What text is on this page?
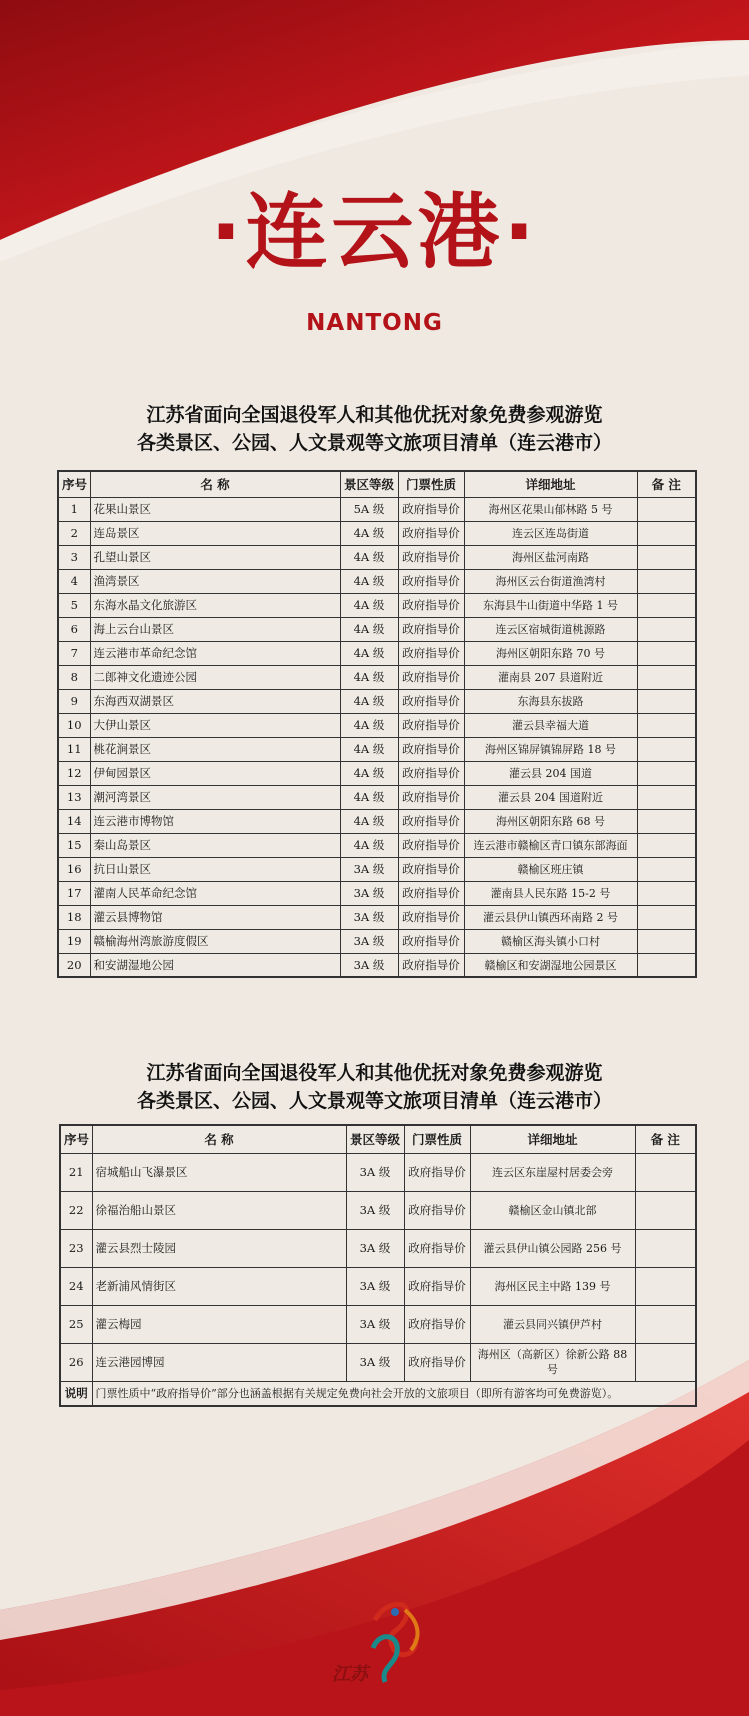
·连云港·
NANTONG
江苏省面向全国退役军人和其他优抚对象免费参观游览
各类景区、公园、人文景观等文旅项目清单（连云港市）
序号	名 称	景区等级	门票性质	详细地址	备 注
1	花果山景区	5A 级	政府指导价	海州区花果山郁林路 5 号	
2	连岛景区	4A 级	政府指导价	连云区连岛街道	
3	孔望山景区	4A 级	政府指导价	海州区盐河南路	
4	渔湾景区	4A 级	政府指导价	海州区云台街道渔湾村	
5	东海水晶文化旅游区	4A 级	政府指导价	东海县牛山街道中华路 1 号	
6	海上云台山景区	4A 级	政府指导价	连云区宿城街道桃源路	
7	连云港市革命纪念馆	4A 级	政府指导价	海州区朝阳东路 70 号	
8	二郎神文化遗迹公园	4A 级	政府指导价	灌南县 207 县道附近	
9	东海西双湖景区	4A 级	政府指导价	东海县东拔路	
10	大伊山景区	4A 级	政府指导价	灌云县幸福大道	
11	桃花涧景区	4A 级	政府指导价	海州区锦屏镇锦屏路 18 号	
12	伊甸园景区	4A 级	政府指导价	灌云县 204 国道	
13	潮河湾景区	4A 级	政府指导价	灌云县 204 国道附近	
14	连云港市博物馆	4A 级	政府指导价	海州区朝阳东路 68 号	
15	秦山岛景区	4A 级	政府指导价	连云港市赣榆区青口镇东部海面	
16	抗日山景区	3A 级	政府指导价	赣榆区班庄镇	
17	灌南人民革命纪念馆	3A 级	政府指导价	灌南县人民东路 15-2 号	
18	灌云县博物馆	3A 级	政府指导价	灌云县伊山镇西环南路 2 号	
19	赣榆海州湾旅游度假区	3A 级	政府指导价	赣榆区海头镇小口村	
20	和安湖湿地公园	3A 级	政府指导价	赣榆区和安湖湿地公园景区	
江苏省面向全国退役军人和其他优抚对象免费参观游览
各类景区、公园、人文景观等文旅项目清单（连云港市）
序号	名 称	景区等级	门票性质	详细地址	备 注
21	宿城船山飞瀑景区	3A 级	政府指导价	连云区东崖屋村居委会旁	
22	徐福治船山景区	3A 级	政府指导价	赣榆区金山镇北部	
23	灌云县烈士陵园	3A 级	政府指导价	灌云县伊山镇公园路 256 号	
24	老新浦风情街区	3A 级	政府指导价	海州区民主中路 139 号	
25	灌云梅园	3A 级	政府指导价	灌云县同兴镇伊芦村	
26	连云港园博园	3A 级	政府指导价	海州区（高新区）徐新公路 88 号	
说明	门票性质中“政府指导价”部分也涵盖根据有关规定免费向社会开放的文旅项目（即所有游客均可免费游览）。				
江苏
